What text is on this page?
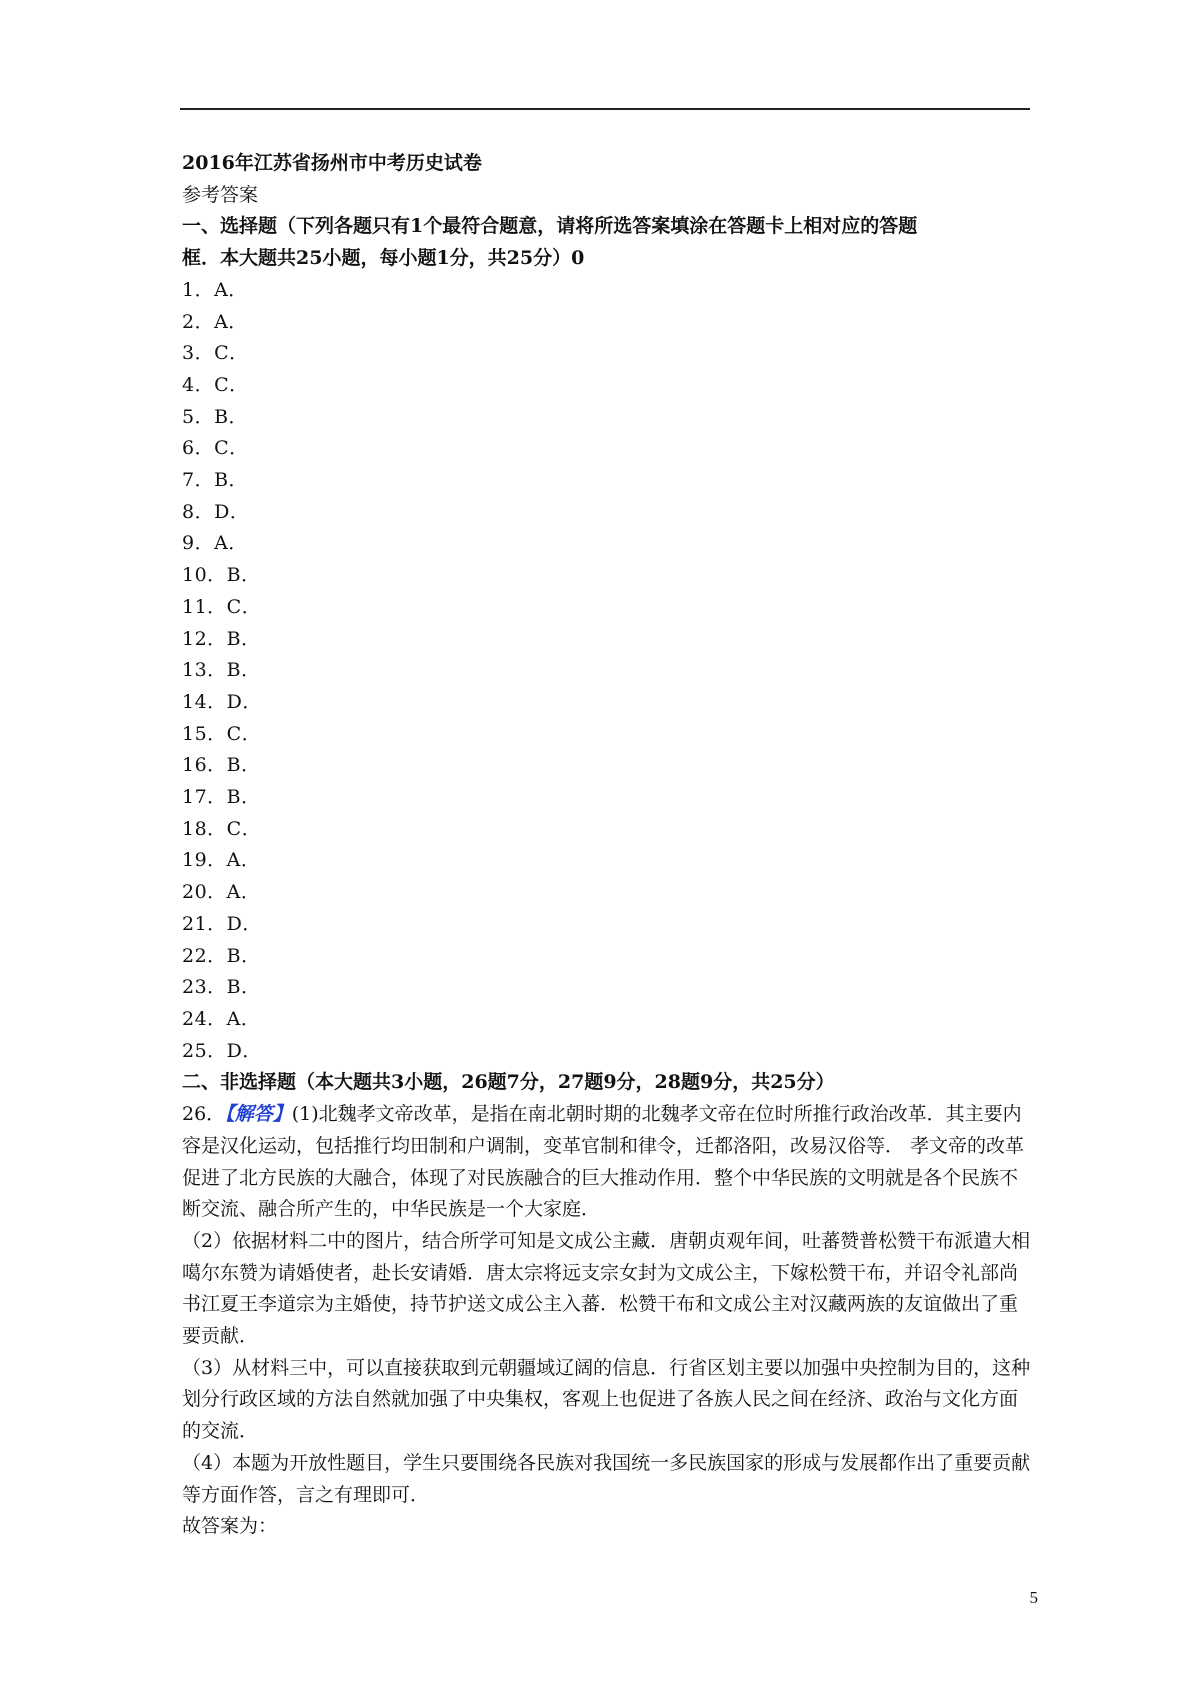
2016年江苏省扬州市中考历史试卷
参考答案
一、选择题（下列各题只有1个最符合题意，请将所选答案填涂在答题卡上相对应的答题
框．本大题共25小题，每小题1分，共25分）0
1．A．
2．A．
3．C．
4．C．
5．B．
6．C．
7．B．
8．D．
9．A．
10．B．
11．C．
12．B．
13．B．
14．D．
15．C．
16．B．
17．B．
18．C．
19．A．
20．A．
21．D．
22．B．
23．B．
24．A．
25．D．
二、非选择题（本大题共3小题，26题7分，27题9分，28题9分，共25分）
26．【解答】(1)北魏孝文帝改革，是指在南北朝时期的北魏孝文帝在位时所推行政治改革．其主要内容是汉化运动，包括推行均田制和户调制，变革官制和律令，迁都洛阳，改易汉俗等． 孝文帝的改革促进了北方民族的大融合，体现了对民族融合的巨大推动作用．整个中华民族的文明就是各个民族不断交流、融合所产生的，中华民族是一个大家庭．
（2）依据材料二中的图片，结合所学可知是文成公主藏．唐朝贞观年间，吐蕃赞普松赞干布派遣大相噶尔东赞为请婚使者，赴长安请婚．唐太宗将远支宗女封为文成公主，下嫁松赞干布，并诏令礼部尚书江夏王李道宗为主婚使，持节护送文成公主入蕃．松赞干布和文成公主对汉藏两族的友谊做出了重要贡献．
（3）从材料三中，可以直接获取到元朝疆域辽阔的信息．行省区划主要以加强中央控制为目的，这种划分行政区域的方法自然就加强了中央集权，客观上也促进了各族人民之间在经济、政治与文化方面的交流．
（4）本题为开放性题目，学生只要围绕各民族对我国统一多民族国家的形成与发展都作出了重要贡献等方面作答，言之有理即可．
故答案为：
5
